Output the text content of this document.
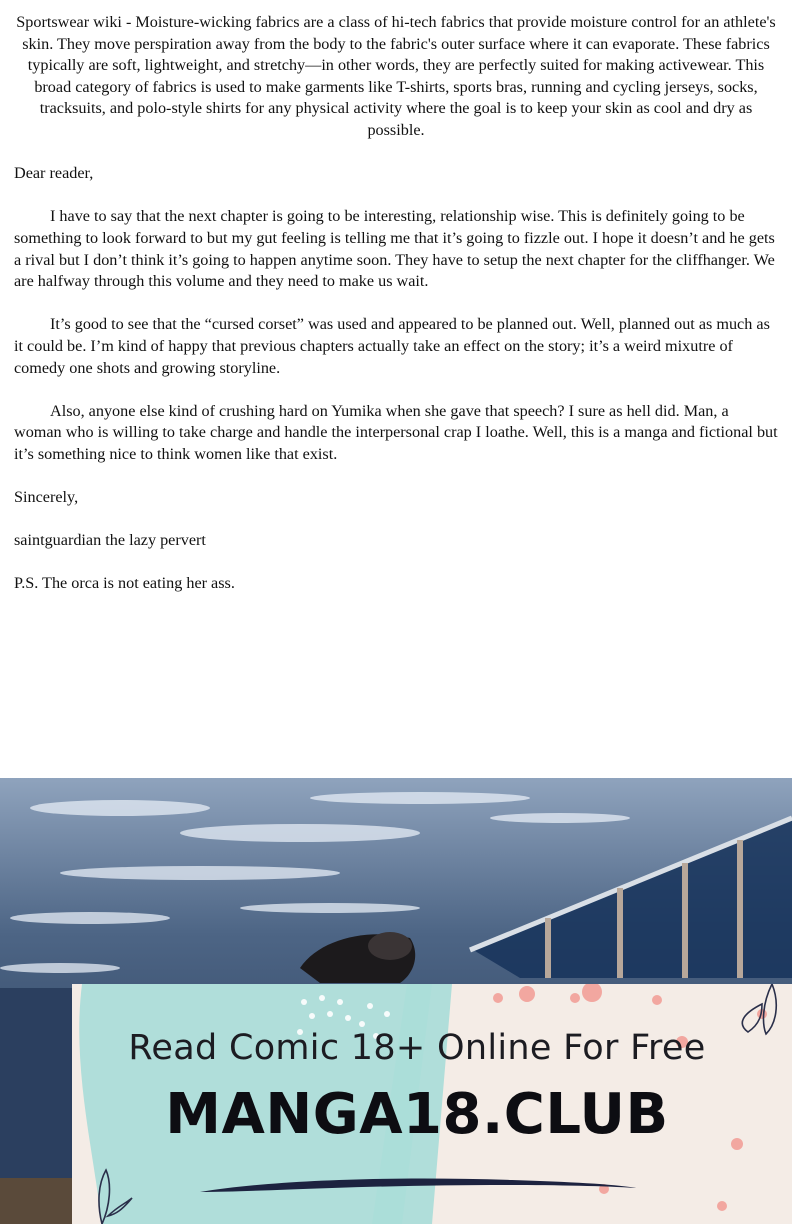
Sportswear wiki - Moisture-wicking fabrics are a class of hi-tech fabrics that provide moisture control for an athlete's skin. They move perspiration away from the body to the fabric's outer surface where it can evaporate. These fabrics typically are soft, lightweight, and stretchy—in other words, they are perfectly suited for making activewear. This broad category of fabrics is used to make garments like T-shirts, sports bras, running and cycling jerseys, socks, tracksuits, and polo-style shirts for any physical activity where the goal is to keep your skin as cool and dry as possible.

Dear reader,

I have to say that the next chapter is going to be interesting, relationship wise. This is definitely going to be something to look forward to but my gut feeling is telling me that it’s going to fizzle out. I hope it doesn’t and he gets a rival but I don’t think it’s going to happen anytime soon. They have to setup the next chapter for the cliffhanger. We are halfway through this volume and they need to make us wait.

It’s good to see that the “cursed corset” was used and appeared to be planned out. Well, planned out as much as it could be. I’m kind of happy that previous chapters actually take an effect on the story; it’s a weird mixutre of comedy one shots and growing storyline.

Also, anyone else kind of crushing hard on Yumika when she gave that speech? I sure as hell did. Man, a woman who is willing to take charge and handle the interpersonal crap I loathe. Well, this is a manga and fictional but it’s something nice to think women like that exist.

Sincerely,

saintguardian the lazy pervert

P.S. The orca is not eating her ass.

Read Comic 18+ Online For Free
MANGA18.CLUB
